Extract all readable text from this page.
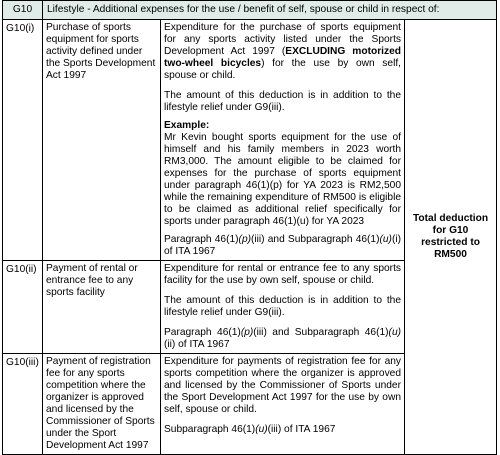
G10	Lifestyle - Additional expenses for the use / benefit of self, spouse or child in respect of:		
G10(i)	Purchase of sports equipment for sports activity defined under the Sports Development Act 1997	Expenditure for the purchase of sports equipment for any sports activity listed under the Sports Development Act 1997 (EXCLUDING motorized two-wheel bicycles) for the use by own self, spouse or child.

The amount of this deduction is in addition to the lifestyle relief under G9(iii).

Example:

Mr Kevin bought sports equipment for the use of himself and his family members in 2023 worth RM3,000. The amount eligible to be claimed for expenses for the purchase of sports equipment under paragraph 46(1)(p) for YA 2023 is RM2,500 while the remaining expenditure of RM500 is eligible to be claimed as additional relief specifically for sports under paragraph 46(1)(u) for YA 2023

Paragraph 46(1)(p)(iii) and Subparagraph 46(1)(u)(i) of ITA 1967	Total deduction for G10 restricted to RM500
G10(ii)	Payment of rental or entrance fee to any sports facility	Expenditure for rental or entrance fee to any sports facility for the use by own self, spouse or child.

The amount of this deduction is in addition to the lifestyle relief under G9(iii).

Paragraph 46(1)(p)(iii) and Subparagraph 46(1)(u)(ii) of ITA 1967	

G10(iii)	Payment of registration fee for any sports competition where the organizer is approved and licensed by the Commissioner of Sports under the Sport Development Act 1997	Expenditure for payments of registration fee for any sports competition where the organizer is approved and licensed by the Commissioner of Sports under the Sport Development Act 1997 for the use by own self, spouse or child.

Subparagraph 46(1)(u)(iii) of ITA 1967	
